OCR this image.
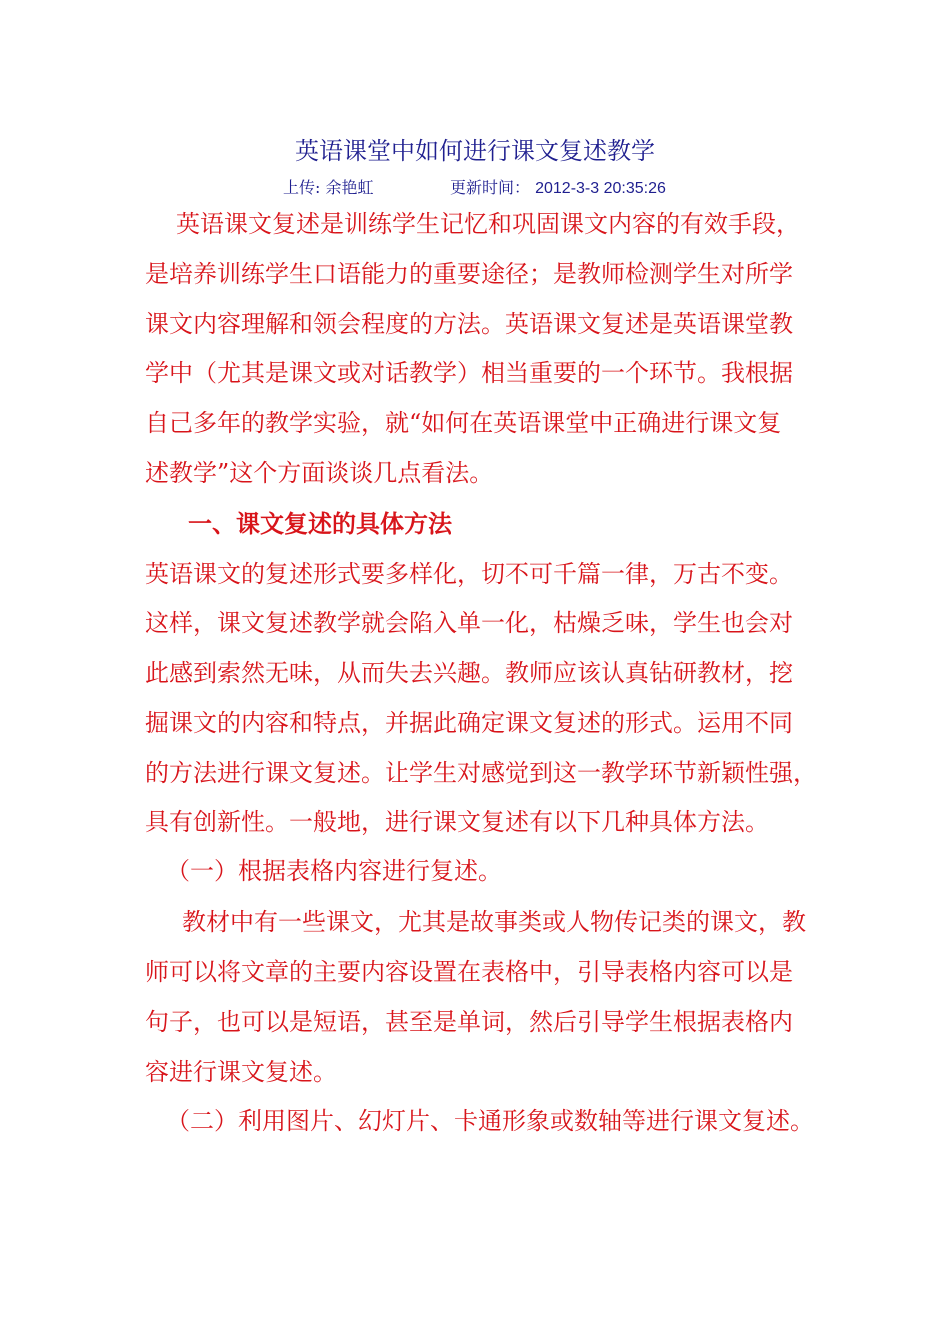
英语课堂中如何进行课文复述教学
上传: 余艳虹	更新时间： 2012-3-3 20:35:26

英语课文复述是训练学生记忆和巩固课文内容的有效手段，

是培养训练学生口语能力的重要途径；是教师检测学生对所学

课文内容理解和领会程度的方法。英语课文复述是英语课堂教

学中（尤其是课文或对话教学）相当重要的一个环节。我根据

自己多年的教学实验，就“如何在英语课堂中正确进行课文复

述教学”这个方面谈谈几点看法。

一、课文复述的具体方法

英语课文的复述形式要多样化，切不可千篇一律，万古不变。

这样，课文复述教学就会陷入单一化，枯燥乏味，学生也会对

此感到索然无味，从而失去兴趣。教师应该认真钻研教材，挖

掘课文的内容和特点，并据此确定课文复述的形式。运用不同

的方法进行课文复述。让学生对感觉到这一教学环节新颖性强，

具有创新性。一般地，进行课文复述有以下几种具体方法。

（一）根据表格内容进行复述。

教材中有一些课文，尤其是故事类或人物传记类的课文，教

师可以将文章的主要内容设置在表格中，引导表格内容可以是

句子，也可以是短语，甚至是单词，然后引导学生根据表格内

容进行课文复述。

（二）利用图片、幻灯片、卡通形象或数轴等进行课文复述。
